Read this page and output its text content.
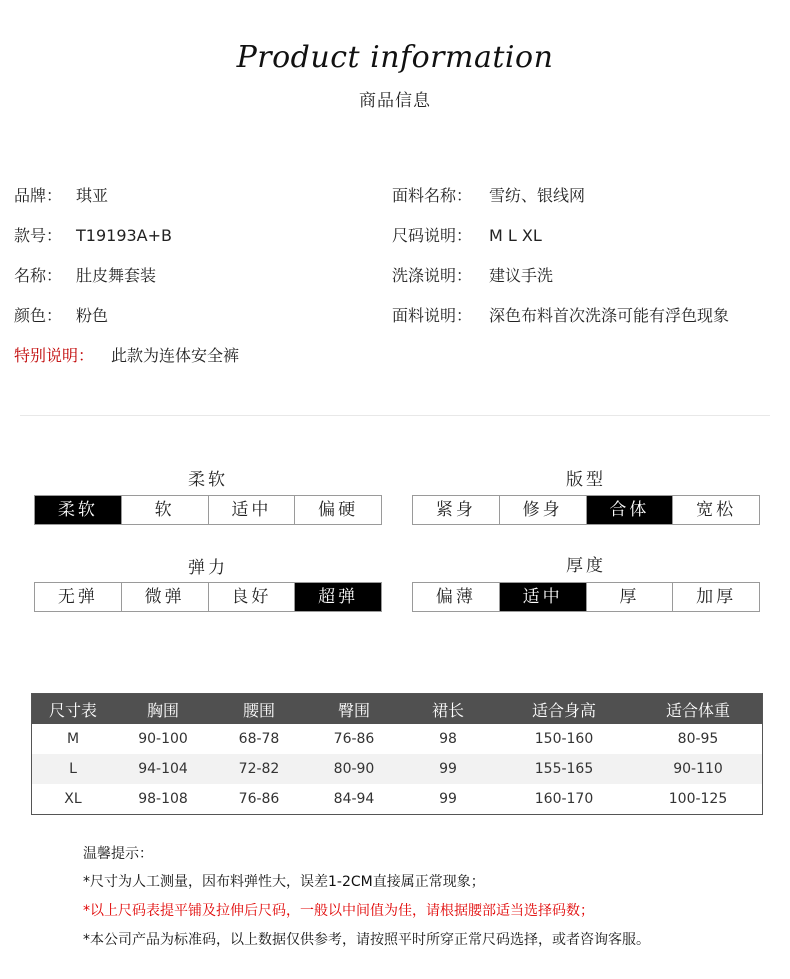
Product information
商品信息
品牌： 琪亚
款号： T19193A+B
名称： 肚皮舞套装
颜色： 粉色
面料名称： 雪纺、银线网
尺码说明： M L XL
洗涤说明： 建议手洗
面料说明： 深色布料首次洗涤可能有浮色现象
特别说明： 此款为连体安全裤
柔软
柔软	软	适中	偏硬
版型
紧身	修身	合体	宽松
弹力
无弹	微弹	良好	超弹
厚度
偏薄	适中	厚	加厚
尺寸表	胸围	腰围	臀围	裙长	适合身高	适合体重
M	90-100	68-78	76-86	98	150-160	80-95
L	94-104	72-82	80-90	99	155-165	90-110
XL	98-108	76-86	84-94	99	160-170	100-125
温馨提示：
*尺寸为人工测量，因布料弹性大，误差1-2CM直接属正常现象；
*以上尺码表提平铺及拉伸后尺码，一般以中间值为佳，请根据腰部适当选择码数；
*本公司产品为标准码，以上数据仅供参考，请按照平时所穿正常尺码选择，或者咨询客服。
